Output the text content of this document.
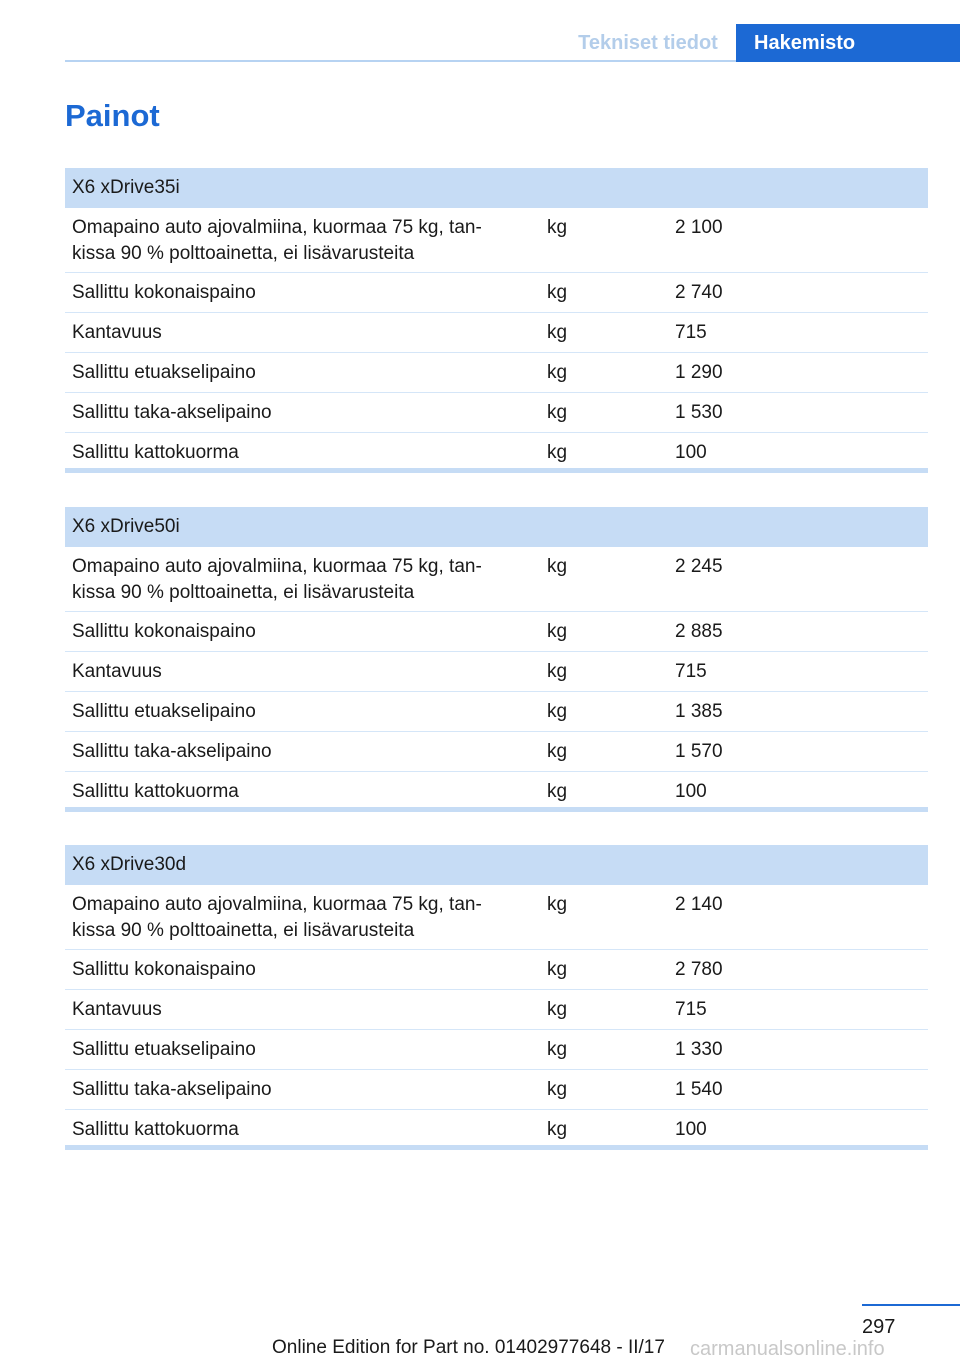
Tekniset tiedot	Hakemisto
Painot
X6 xDrive35i
Omapaino auto ajovalmiina, kuormaa 75 kg, tan-
kissa 90 % polttoainetta, ei lisävarusteita
kg	2 100
Sallittu kokonaispaino	kg	2 740
Kantavuus	kg	715
Sallittu etuakselipaino	kg	1 290
Sallittu taka-akselipaino	kg	1 530
Sallittu kattokuorma	kg	100
X6 xDrive50i
Omapaino auto ajovalmiina, kuormaa 75 kg, tan-
kissa 90 % polttoainetta, ei lisävarusteita
kg	2 245
Sallittu kokonaispaino	kg	2 885
Kantavuus	kg	715
Sallittu etuakselipaino	kg	1 385
Sallittu taka-akselipaino	kg	1 570
Sallittu kattokuorma	kg	100
X6 xDrive30d
Omapaino auto ajovalmiina, kuormaa 75 kg, tan-
kissa 90 % polttoainetta, ei lisävarusteita
kg	2 140
Sallittu kokonaispaino	kg	2 780
Kantavuus	kg	715
Sallittu etuakselipaino	kg	1 330
Sallittu taka-akselipaino	kg	1 540
Sallittu kattokuorma	kg	100
297
Online Edition for Part no. 01402977648 - II/17 carmanualsonline.info
